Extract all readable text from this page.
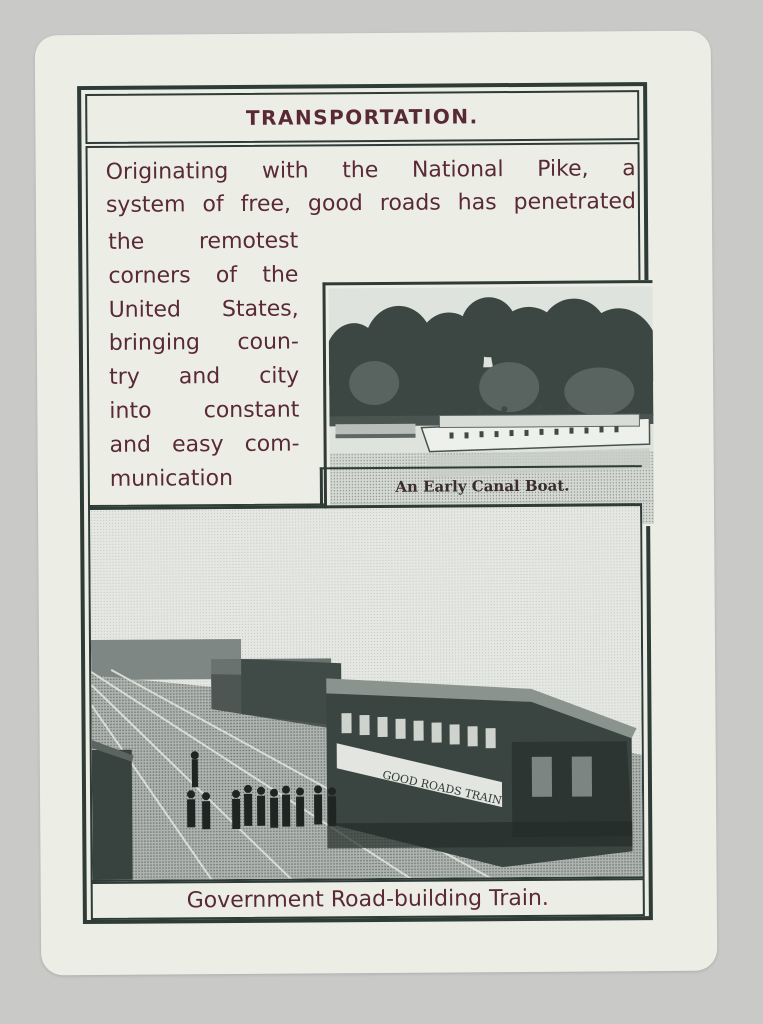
TRANSPORTATION.
Originating with the National Pike, a
system of free, good roads has penetrated
the remotest
corners of the
United States,
bringing coun-
try and city
into constant
and easy com-
munication	An Early Canal Boat.
GOOD ROADS TRAIN
Government Road-building Train.
